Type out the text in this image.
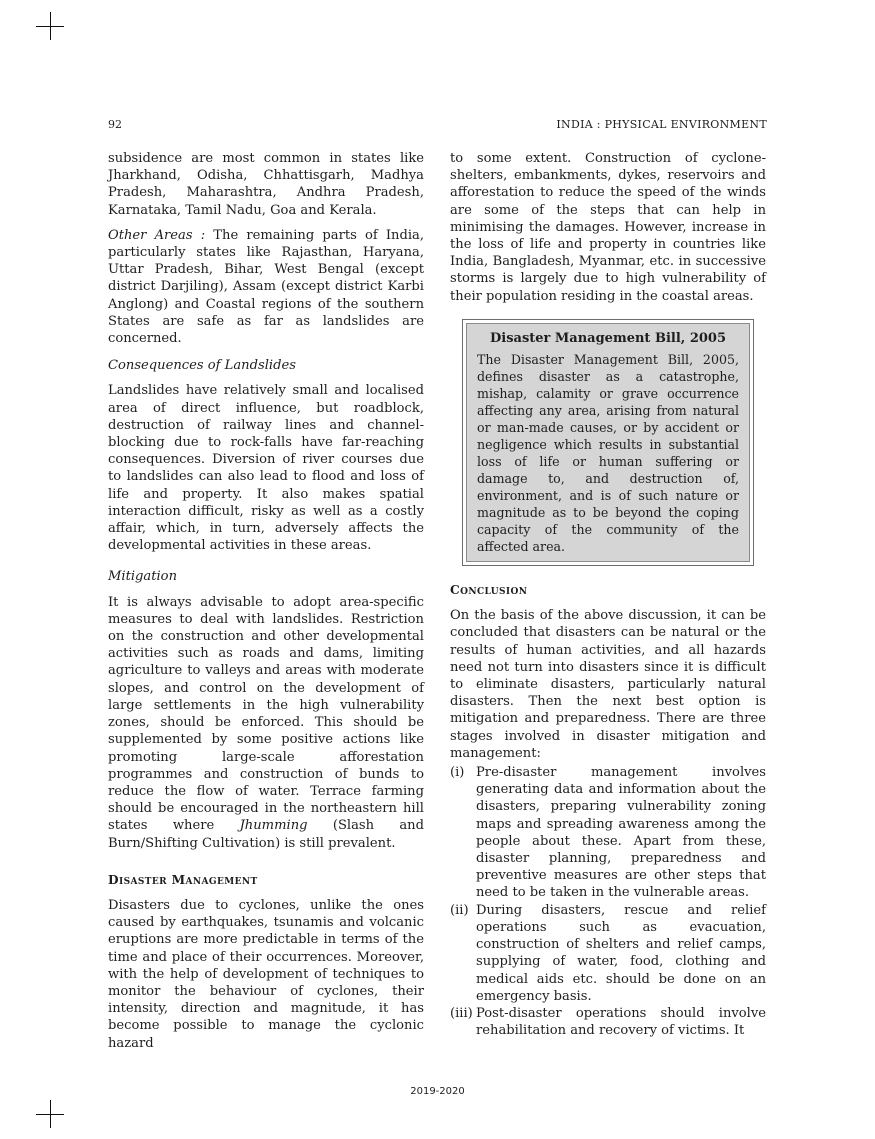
92	INDIA : PHYSICAL ENVIRONMENT

subsidence are most common in states like Jharkhand, Odisha, Chhattisgarh, Madhya Pradesh, Maharashtra, Andhra Pradesh, Karnataka, Tamil Nadu, Goa and Kerala.

Other Areas : The remaining parts of India, particularly states like Rajasthan, Haryana, Uttar Pradesh, Bihar, West Bengal (except district Darjiling), Assam (except district Karbi Anglong) and Coastal regions of the southern States are safe as far as landslides are concerned.

Consequences of Landslides

Landslides have relatively small and localised area of direct influence, but roadblock, destruction of railway lines and channel-blocking due to rock-falls have far-reaching consequences. Diversion of river courses due to landslides can also lead to flood and loss of life and property. It also makes spatial interaction difficult, risky as well as a costly affair, which, in turn, adversely affects the developmental activities in these areas.

Mitigation

It is always advisable to adopt area-specific measures to deal with landslides. Restriction on the construction and other developmental activities such as roads and dams, limiting agriculture to valleys and areas with moderate slopes, and control on the development of large settlements in the high vulnerability zones, should be enforced. This should be supplemented by some positive actions like promoting large-scale afforestation programmes and construction of bunds to reduce the flow of water. Terrace farming should be encouraged in the northeastern hill states where Jhumming (Slash and Burn/Shifting Cultivation) is still prevalent.

Disaster Management

Disasters due to cyclones, unlike the ones caused by earthquakes, tsunamis and volcanic eruptions are more predictable in terms of the time and place of their occurrences. Moreover, with the help of development of techniques to monitor the behaviour of cyclones, their intensity, direction and magnitude, it has become possible to manage the cyclonic hazard

to some extent. Construction of cyclone-shelters, embankments, dykes, reservoirs and afforestation to reduce the speed of the winds are some of the steps that can help in minimising the damages. However, increase in the loss of life and property in countries like India, Bangladesh, Myanmar, etc. in successive storms is largely due to high vulnerability of their population residing in the coastal areas.

Disaster Management Bill, 2005
The Disaster Management Bill, 2005, defines disaster as a catastrophe, mishap, calamity or grave occurrence affecting any area, arising from natural or man-made causes, or by accident or negligence which results in substantial loss of life or human suffering or damage to, and destruction of, environment, and is of such nature or magnitude as to be beyond the coping capacity of the community of the affected area.
Conclusion

On the basis of the above discussion, it can be concluded that disasters can be natural or the results of human activities, and all hazards need not turn into disasters since it is difficult to eliminate disasters, particularly natural disasters. Then the next best option is mitigation and preparedness. There are three stages involved in disaster mitigation and management:

(i) Pre-disaster management involves generating data and information about the disasters, preparing vulnerability zoning maps and spreading awareness among the people about these. Apart from these, disaster planning, preparedness and preventive measures are other steps that need to be taken in the vulnerable areas.
(ii) During disasters, rescue and relief operations such as evacuation, construction of shelters and relief camps, supplying of water, food, clothing and medical aids etc. should be done on an emergency basis.
(iii) Post-disaster operations should involve rehabilitation and recovery of victims. It
2019-2020
